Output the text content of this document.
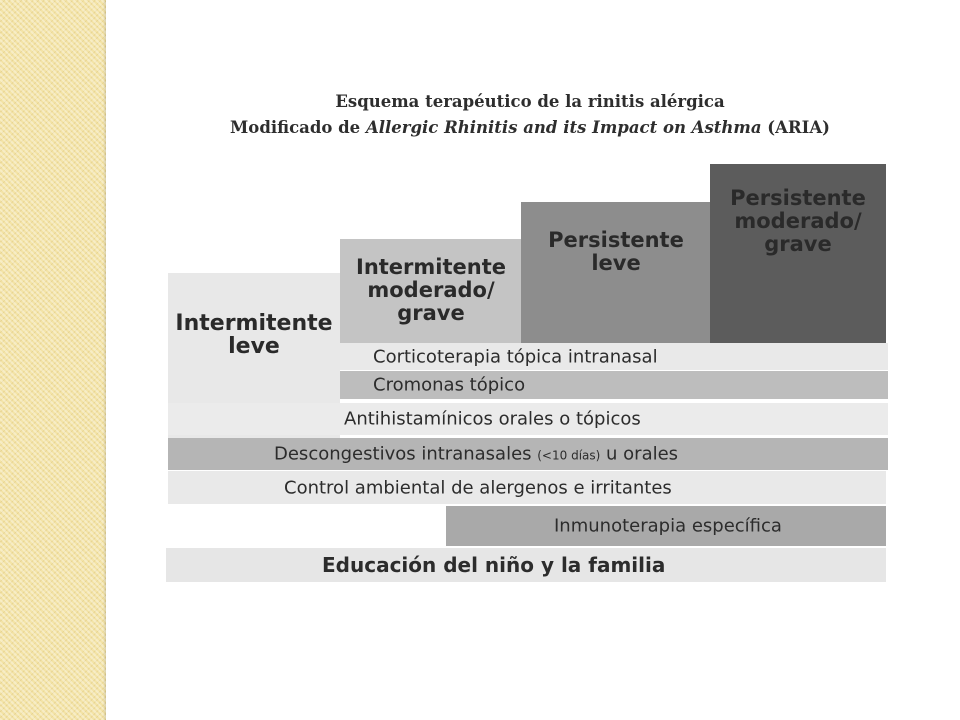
Esquema terapéutico de la rinitis alérgica
Modificado de Allergic Rhinitis and its Impact on Asthma (ARIA)
Intermitente
leve
Intermitente
moderado/
grave
Persistente
leve
Persistente
moderado/
grave
Corticoterapia tópica intranasal
Cromonas tópico
Antihistamínicos orales o tópicos
Descongestivos intranasales (<10 días) u orales
Control ambiental de alergenos e irritantes
Inmunoterapia específica
Educación del niño y la familia
